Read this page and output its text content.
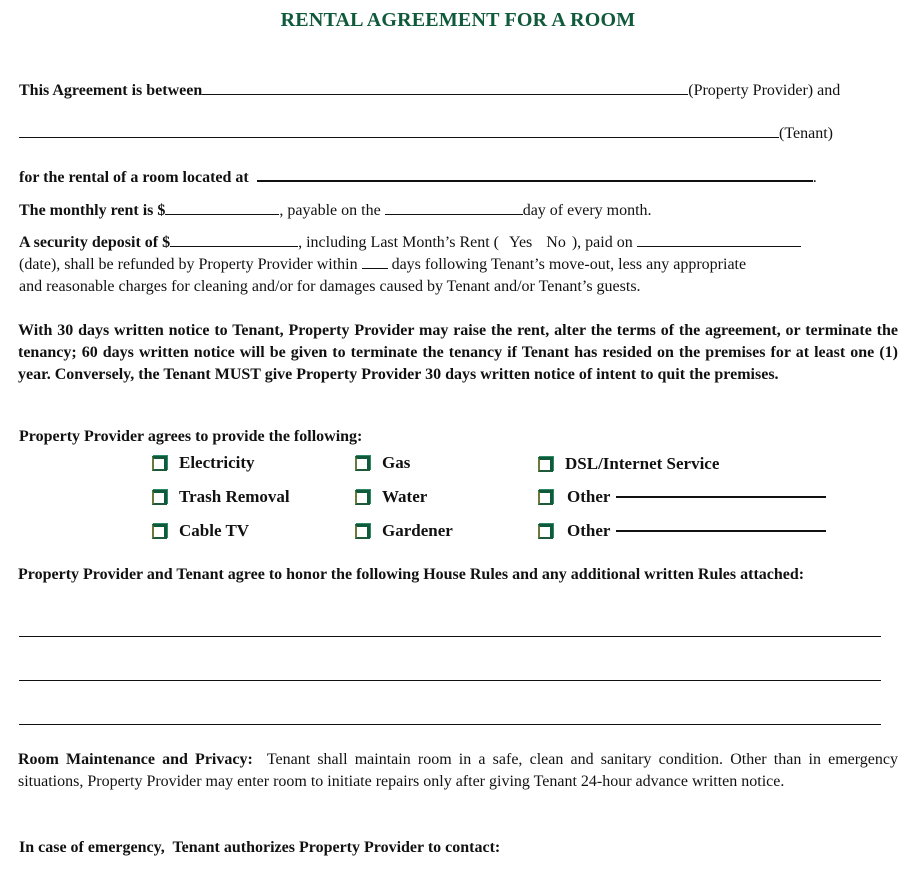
RENTAL AGREEMENT FOR A ROOM
This Agreement is between	(Property Provider) and
(Tenant)
for the rental of a room located at	.
The monthly rent is $	, payable on the	day of every month.
A security deposit of $	, including Last Month’s Rent ( Yes No ), paid on
(date), shall be refunded by Property Provider within days following Tenant’s move-out, less any appropriate
and reasonable charges for cleaning and/or for damages caused by Tenant and/or Tenant’s guests.
With 30 days written notice to Tenant, Property Provider may raise the rent, alter the terms of the agreement, or terminate the tenancy; 60 days written notice will be given to terminate the tenancy if Tenant has resided on the premises for at least one (1) year. Conversely, the Tenant MUST give Property Provider 30 days written notice of intent to quit the premises.
Property Provider agrees to provide the following:
Electricity	Gas	DSL/Internet Service
Trash Removal	Water	Other
Cable TV	Gardener	Other
Property Provider and Tenant agree to honor the following House Rules and any additional written Rules attached:
Room Maintenance and Privacy: Tenant shall maintain room in a safe, clean and sanitary condition. Other than in emergency situations, Property Provider may enter room to initiate repairs only after giving Tenant 24-hour advance written notice.
In case of emergency,  Tenant authorizes Property Provider to contact:
